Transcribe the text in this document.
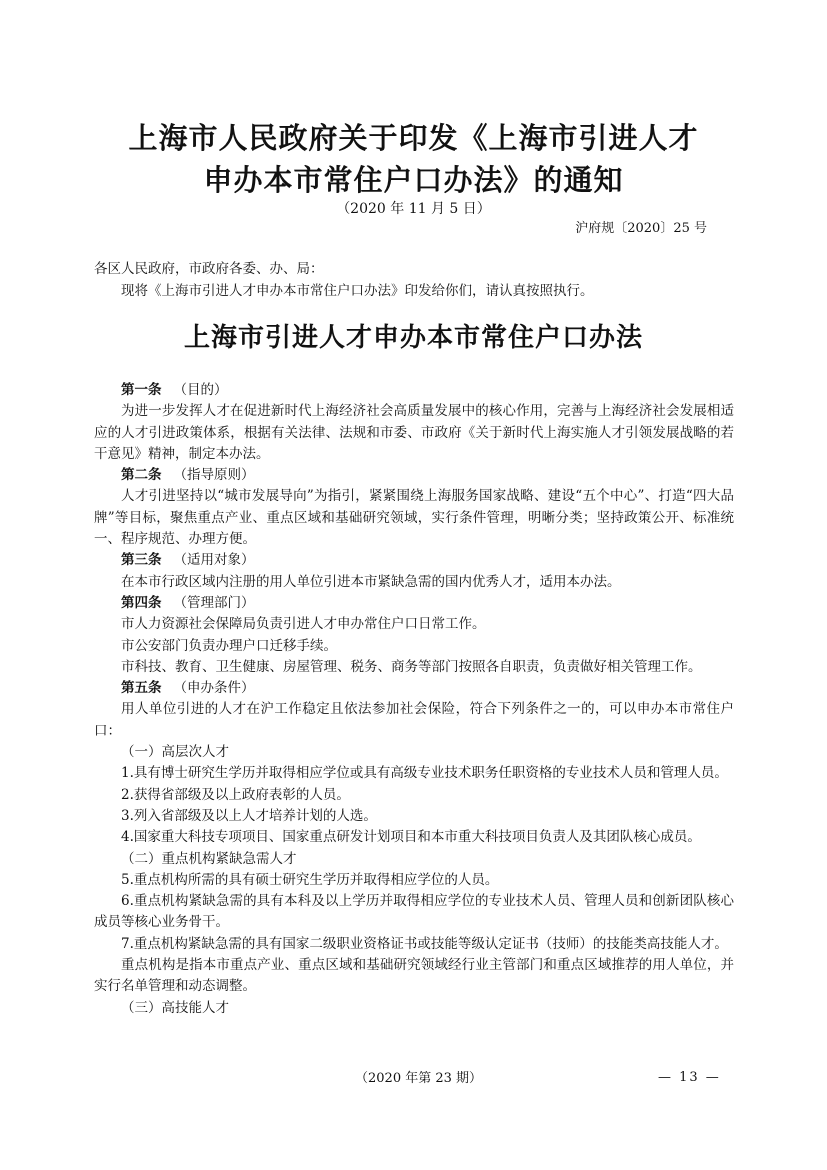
上海市人民政府关于印发《上海市引进人才
申办本市常住户口办法》的通知
（2020 年 11 月 5 日）
沪府规〔2020〕25 号
各区人民政府，市政府各委、办、局：
现将《上海市引进人才申办本市常住户口办法》印发给你们，请认真按照执行。
上海市引进人才申办本市常住户口办法

第一条 （目的）

为进一步发挥人才在促进新时代上海经济社会高质量发展中的核心作用，完善与上海经济社会发展相适应的人才引进政策体系，根据有关法律、法规和市委、市政府《关于新时代上海实施人才引领发展战略的若干意见》精神，制定本办法。

第二条 （指导原则）

人才引进坚持以“城市发展导向”为指引，紧紧围绕上海服务国家战略、建设“五个中心”、打造“四大品牌”等目标，聚焦重点产业、重点区域和基础研究领域，实行条件管理，明晰分类；坚持政策公开、标准统一、程序规范、办理方便。

第三条 （适用对象）

在本市行政区域内注册的用人单位引进本市紧缺急需的国内优秀人才，适用本办法。

第四条 （管理部门）

市人力资源社会保障局负责引进人才申办常住户口日常工作。

市公安部门负责办理户口迁移手续。

市科技、教育、卫生健康、房屋管理、税务、商务等部门按照各自职责，负责做好相关管理工作。

第五条 （申办条件）

用人单位引进的人才在沪工作稳定且依法参加社会保险，符合下列条件之一的，可以申办本市常住户口：

（一）高层次人才

1.具有博士研究生学历并取得相应学位或具有高级专业技术职务任职资格的专业技术人员和管理人员。

2.获得省部级及以上政府表彰的人员。

3.列入省部级及以上人才培养计划的人选。

4.国家重大科技专项项目、国家重点研发计划项目和本市重大科技项目负责人及其团队核心成员。

（二）重点机构紧缺急需人才

5.重点机构所需的具有硕士研究生学历并取得相应学位的人员。

6.重点机构紧缺急需的具有本科及以上学历并取得相应学位的专业技术人员、管理人员和创新团队核心成员等核心业务骨干。

7.重点机构紧缺急需的具有国家二级职业资格证书或技能等级认定证书（技师）的技能类高技能人才。

重点机构是指本市重点产业、重点区域和基础研究领域经行业主管部门和重点区域推荐的用人单位，并实行名单管理和动态调整。

（三）高技能人才

（2020 年第 23 期）	— 13 —
